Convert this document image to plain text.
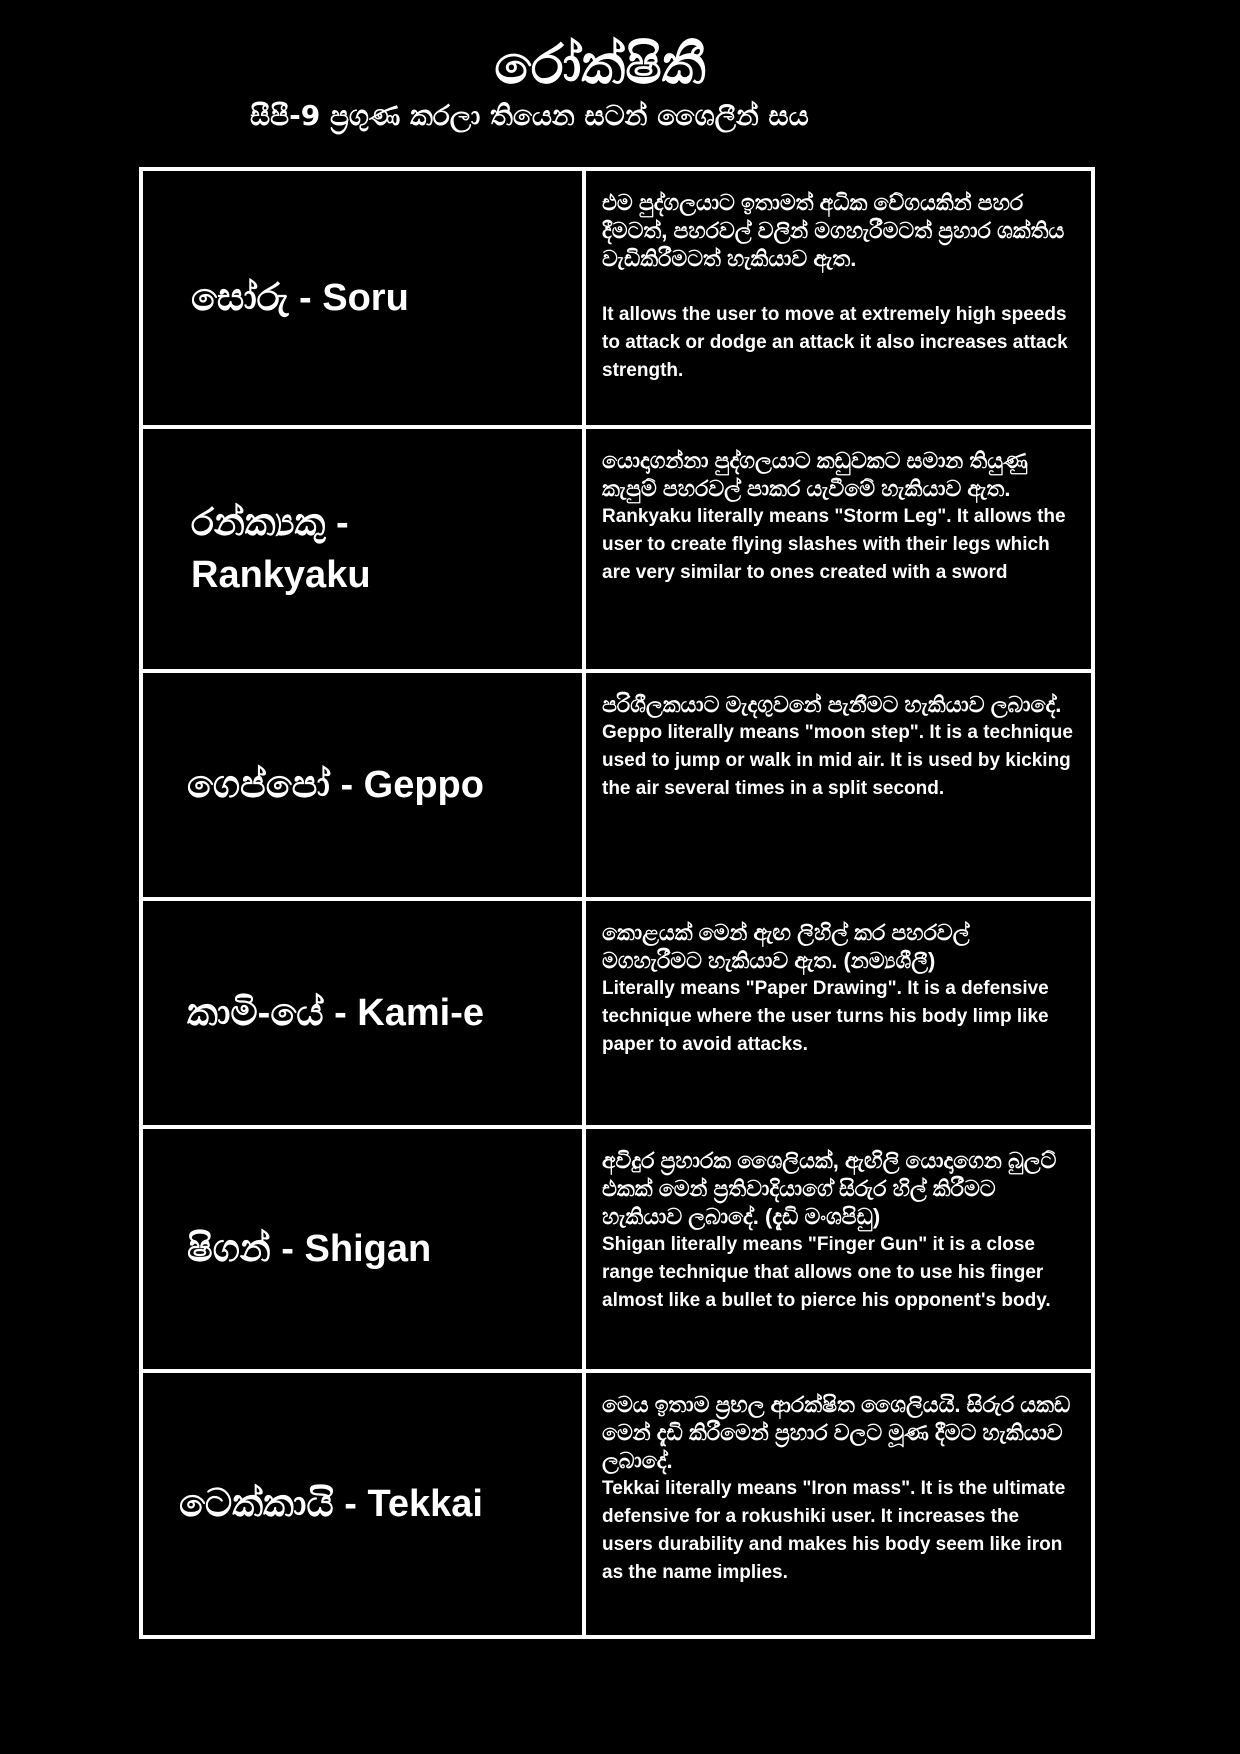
රෝක්ෂිකී
සීපී-9 ප්‍රගුණ කරලා තියෙන සටන් ශෛලීන් සය
සෝරු - Soru
එම පුද්ගලයාට ඉතාමත් අධික වේගයකින් පහර දීමටත්, පහරවල් වලින් මගහැරීමටත් ප්‍රහාර ශක්තිය වැඩිකිරීමටත් හැකියාව ඇත.
It allows the user to move at extremely high speeds to attack or dodge an attack it also increases attack strength.
රන්ක්‍යකු - Rankyaku
යොදාගන්නා පුද්ගලයාට කඩුවකට සමාන තියුණු කැපුම් පහරවල් පාකර යැවීමේ හැකියාව ඇත.
Rankyaku literally means "Storm Leg". It allows the user to create flying slashes with their legs which are very similar to ones created with a sword
ගෙප්පෝ - Geppo
පරිශීලකයාට මැදගුවනේ පැනීමට හැකියාව ලබාදේ.
Geppo literally means "moon step". It is a technique used to jump or walk in mid air. It is used by kicking the air several times in a split second.
කාමි-යේ - Kami-e
කොළයක් මෙන් ඇඟ ලිහිල් කර පහරවල් මගහැරීමට හැකියාව ඇත. (නම්‍යශීලී)
Literally means "Paper Drawing". It is a defensive technique where the user turns his body limp like paper to avoid attacks.
ෂිගන් - Shigan
අවිදුර ප්‍රහාරක ශෛලියක්, ඇඟිලි යොදාගෙන බුලට් එකක් මෙන් ප්‍රතිවාදියාගේ සිරුර හිල් කිරීමට හැකියාව ලබාදේ. (දැඩි මංශපිඩු)
Shigan literally means "Finger Gun" it is a close range technique that allows one to use his finger almost like a bullet to pierce his opponent's body.
ටෙක්කායි - Tekkai
මෙය ඉතාම ප්‍රභල ආරක්ෂිත ශෛලියයි. සිරුර යකඩ මෙන් දැඩි කිරීමෙන් ප්‍රහාර වලට මූණ දීමට හැකියාව ලබාදේ.
Tekkai literally means "Iron mass". It is the ultimate defensive for a rokushiki user. It increases the users durability and makes his body seem like iron as the name implies.
